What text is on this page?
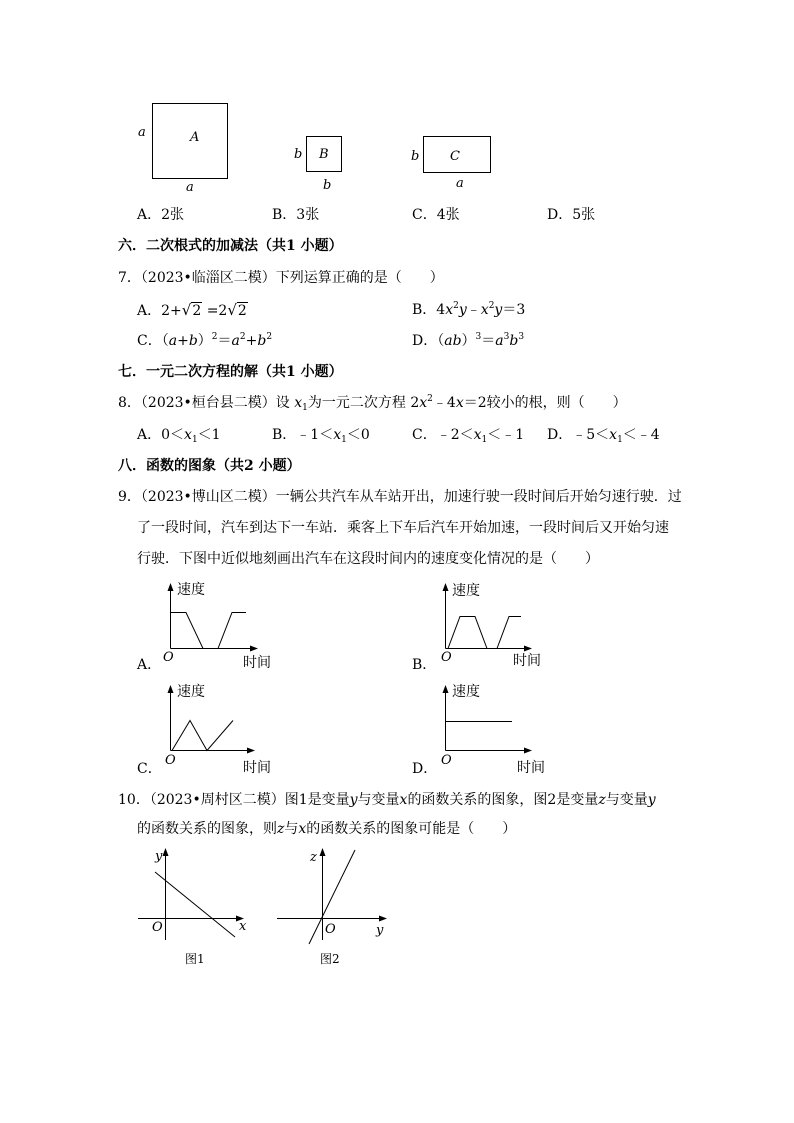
a	A
a
b B
b
b C
a
A．2张	B．3张	C．4张	D．5张
六．二次根式的加减法（共1 小题）
7．（2023•临淄区二模）下列运算正确的是（　　）
A．2+√2 =2√2	B．$4x^2y﹣x^2y=3$
C．$(a+b)^2=a^2+b^2$	D．$(ab)^3=a^3b^3$
七．一元二次方程的解（共1 小题）
8．（2023•桓台县二模）设 $x_1$为一元二次方程 $2x^2﹣4x=2$较小的根，则（　　）
A．$0<x_1<1$	B．$﹣1<x_1<0$	C．$﹣2<x_1<﹣1$ D．$﹣5<x_1<﹣4$
八．函数的图象（共2 小题）
9．（2023•博山区二模）一辆公共汽车从车站开出，加速行驶一段时间后开始匀速行驶．过
了一段时间，汽车到达下一车站．乘客上下车后汽车开始加速，一段时间后又开始匀速
行驶．下图中近似地刻画出汽车在这段时间内的速度变化情况的是（　　）
速度
O	时间
A．
速度
O	时间
B．
速度
O	时间
C．
速度
O	时间
D．
10．（2023•周村区二模）图1是变量y与变量x的函数关系的图象，图2是变量z与变量y
的函数关系的图象，则z与x的函数关系的图象可能是（　　）
y
O	x
图1
z
O	y
图2
